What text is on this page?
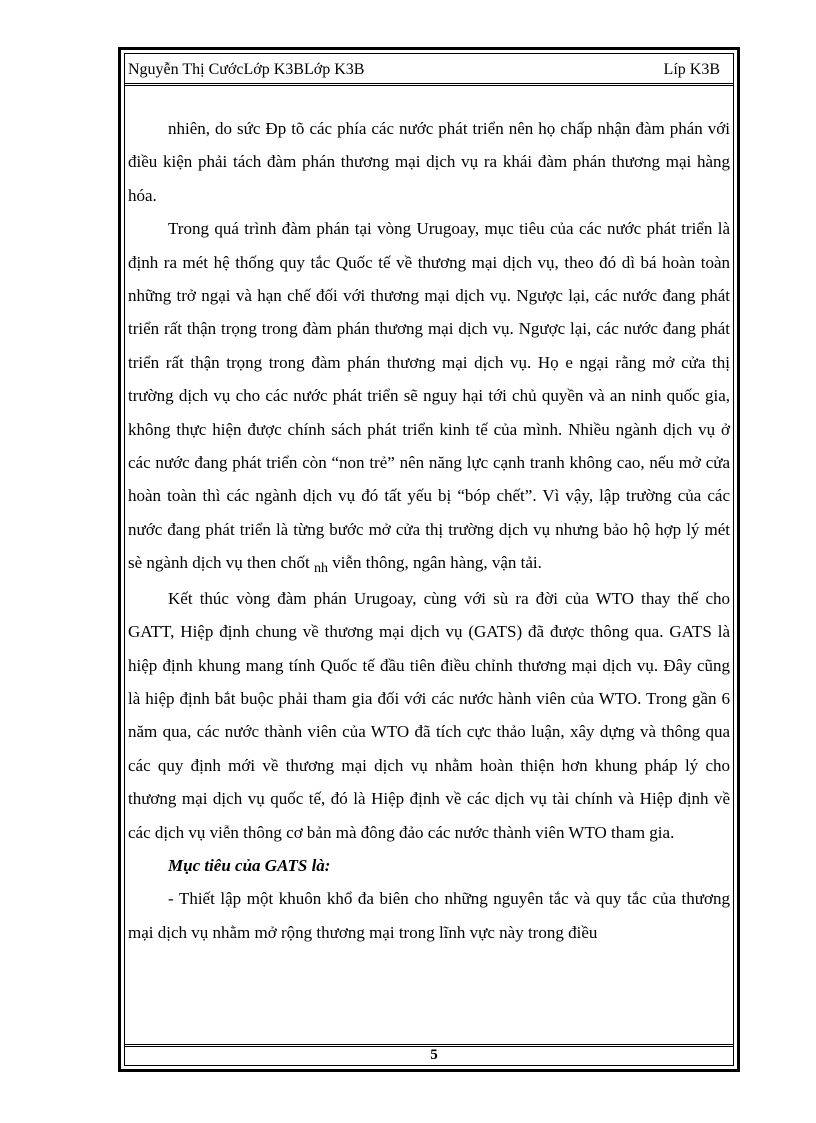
Nguyễn Thị CướcLớp K3BLớp K3B	Líp K3B

nhiên, do sức Đp tõ các phía các nước phát triển nên họ chấp nhận đàm phán với điều kiện phải tách đàm phán thương mại dịch vụ ra khái đàm phán thương mại hàng hóa.

Trong quá trình đàm phán tại vòng Urugoay, mục tiêu của các nước phát triển là định ra mét hệ thống quy tắc Quốc tế về thương mại dịch vụ, theo đó dì bá hoàn toàn những trở ngại và hạn chế đối với thương mại dịch vụ. Ngược lại, các nước đang phát triển rất thận trọng trong đàm phán thương mại dịch vụ. Ngược lại, các nước đang phát triển rất thận trọng trong đàm phán thương mại dịch vụ. Họ e ngại rằng mở cửa thị trường dịch vụ cho các nước phát triển sẽ nguy hại tới chủ quyền và an ninh quốc gia, không thực hiện được chính sách phát triển kinh tế của mình. Nhiều ngành dịch vụ ở các nước đang phát triển còn “non trẻ” nên năng lực cạnh tranh không cao, nếu mở cửa hoàn toàn thì các ngành dịch vụ đó tất yếu bị “bóp chết”. Vì vậy, lập trường của các nước đang phát triển là từng bước mở cửa thị trường dịch vụ nhưng bảo hộ hợp lý mét sè ngành dịch vụ then chốt $_{nh}$ viễn thông, ngân hàng, vận tải.

Kết thúc vòng đàm phán Urugoay, cùng với sù ra đời của WTO thay thế cho GATT, Hiệp định chung về thương mại dịch vụ (GATS) đã được thông qua. GATS là hiệp định khung mang tính Quốc tế đầu tiên điều chỉnh thương mại dịch vụ. Đây cũng là hiệp định bắt buộc phải tham gia đối với các nước hành viên của WTO. Trong gần 6 năm qua, các nước thành viên của WTO đã tích cực thảo luận, xây dựng và thông qua các quy định mới về thương mại dịch vụ nhằm hoàn thiện hơn khung pháp lý cho thương mại dịch vụ quốc tế, đó là Hiệp định về các dịch vụ tài chính và Hiệp định về các dịch vụ viễn thông cơ bản mà đông đảo các nước thành viên WTO tham gia.

Mục tiêu của GATS là:

- Thiết lập một khuôn khổ đa biên cho những nguyên tắc và quy tắc của thương mại dịch vụ nhằm mở rộng thương mại trong lĩnh vực này trong điều

5
